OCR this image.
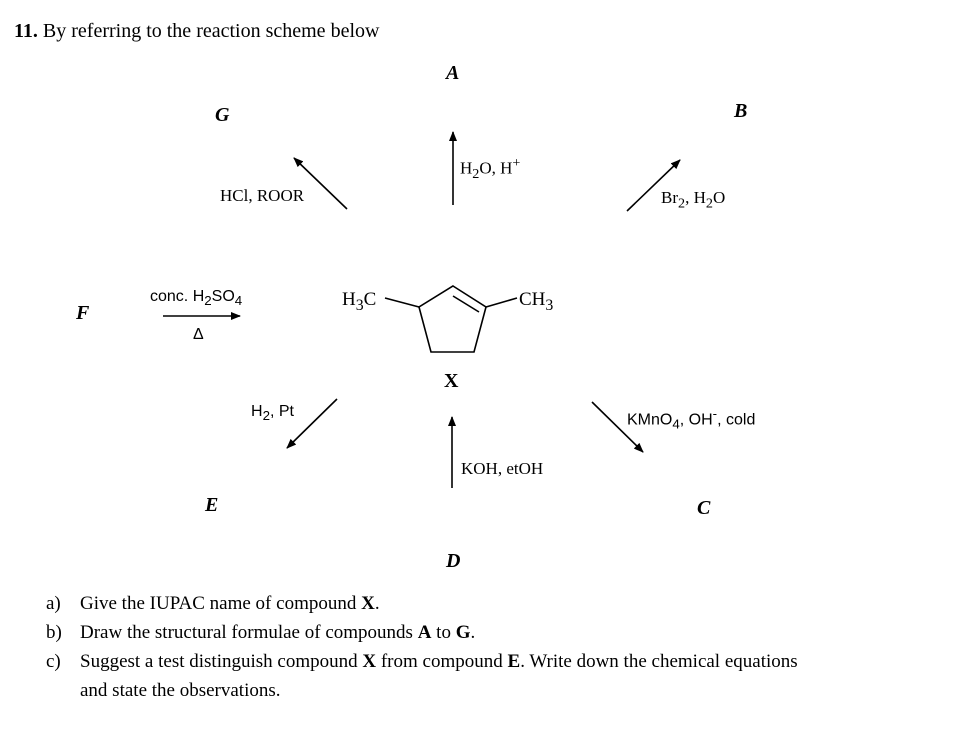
11. By referring to the reaction scheme below
A
B
G
F
X
E	C
D
$H_2O$, H+
$Br_2$, $H_2O$
HCl, ROOR
conc. $H_2SO_4$
Δ
$H_2$, Pt
KOH, etOH
KMnO$_4$, OH-, cold
$H_3C$	$CH_3$
a)	Give the IUPAC name of compound X.
b) Draw the structural formulae of compounds A to G.
c)	Suggest a test distinguish compound X from compound E. Write down the chemical equations
and state the observations.
